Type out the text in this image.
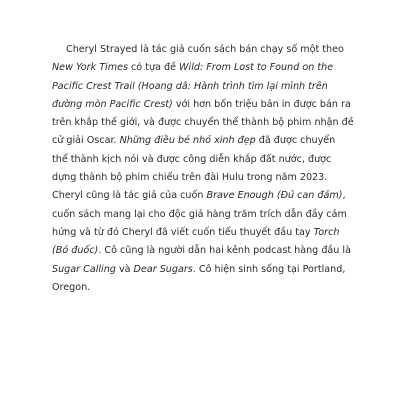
Cheryl Strayed là tác giả cuốn sách bán chạy số một theo New York Times có tựa đề Wild: From Lost to Found on the Pacific Crest Trail (Hoang dã: Hành trình tìm lại mình trên đường mòn Pacific Crest) với hơn bốn triệu bản in được bán ra trên khắp thế giới, và được chuyển thể thành bộ phim nhận đề cử giải Oscar. Những điều bé nhỏ xinh đẹp đã được chuyển thể thành kịch nói và được công diễn khắp đất nước, được dựng thành bộ phim chiếu trên đài Hulu trong năm 2023. Cheryl cũng là tác giả của cuốn Brave Enough (Đủ can đảm), cuốn sách mang lại cho độc giả hàng trăm trích dẫn đầy cảm hứng và từ đó Cheryl đã viết cuốn tiểu thuyết đầu tay Torch (Bó đuốc). Cô cũng là người dẫn hai kênh podcast hàng đầu là Sugar Calling và Dear Sugars. Cô hiện sinh sống tại Portland, Oregon.
